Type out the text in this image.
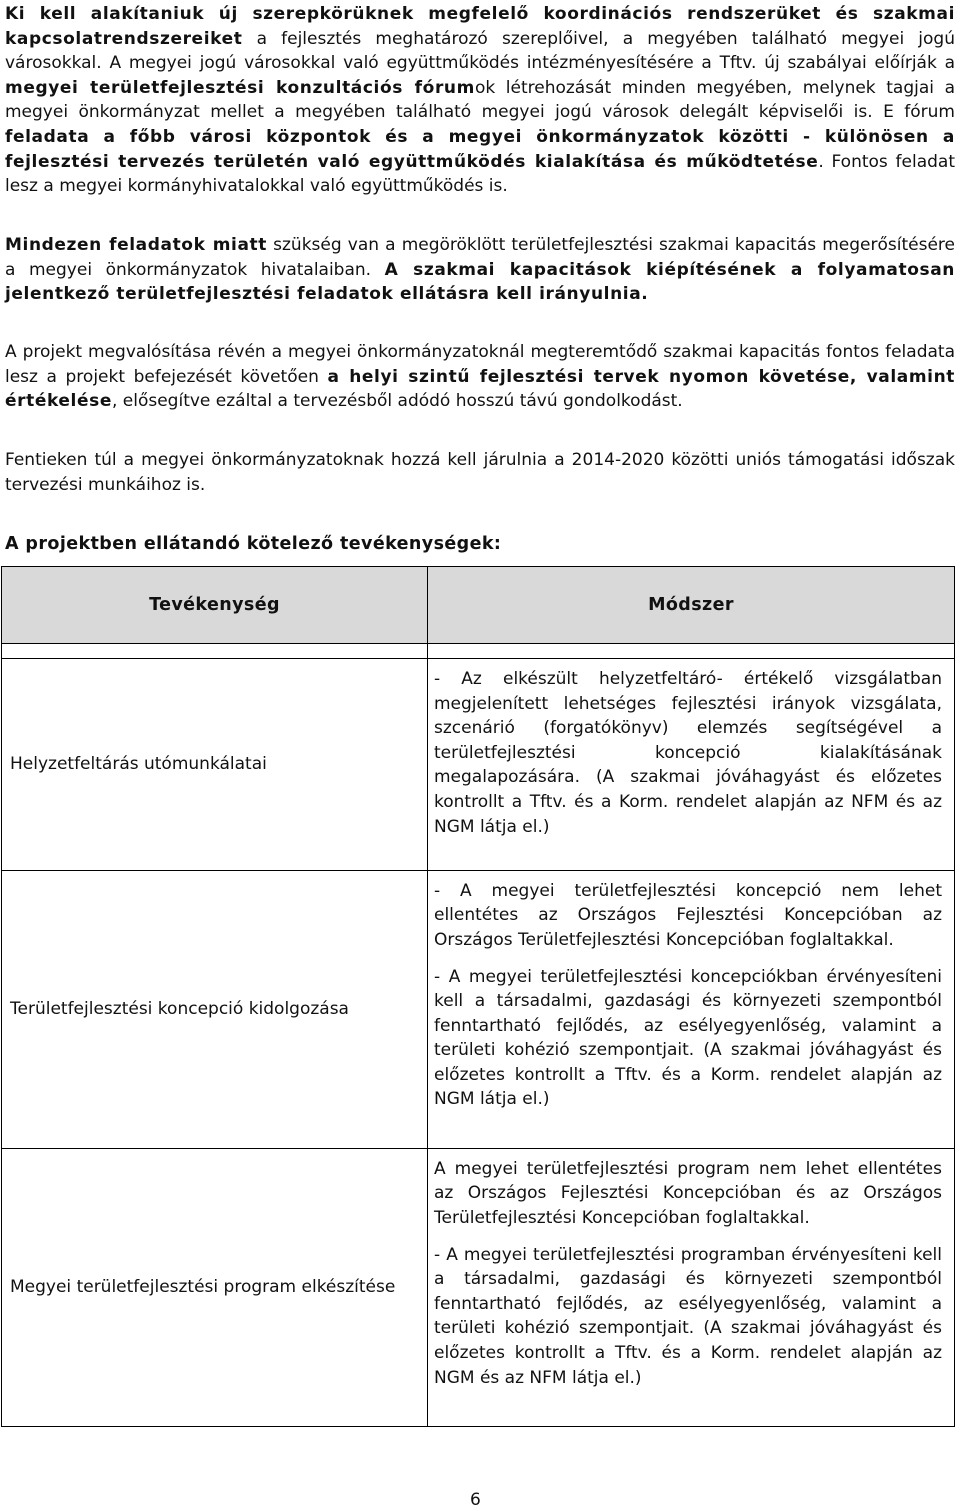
Ki kell alakítaniuk új szerepkörüknek megfelelő koordinációs rendszerüket és szakmai kapcsolatrendszereiket a fejlesztés meghatározó szereplőivel, a megyében található megyei jogú városokkal. A megyei jogú városokkal való együttműködés intézményesítésére a Tftv. új szabályai előírják a megyei területfejlesztési konzultációs fórumok létrehozását minden megyében, melynek tagjai a megyei önkormányzat mellet a megyében található megyei jogú városok delegált képviselői is. E fórum feladata a főbb városi központok és a megyei önkormányzatok közötti - különösen a fejlesztési tervezés területén való együttműködés kialakítása és működtetése. Fontos feladat lesz a megyei kormányhivatalokkal való együttműködés is.

Mindezen feladatok miatt szükség van a megöröklött területfejlesztési szakmai kapacitás megerősítésére a megyei önkormányzatok hivatalaiban. A szakmai kapacitások kiépítésének a folyamatosan jelentkező területfejlesztési feladatok ellátásra kell irányulnia.

A projekt megvalósítása révén a megyei önkormányzatoknál megteremtődő szakmai kapacitás fontos feladata lesz a projekt befejezését követően a helyi szintű fejlesztési tervek nyomon követése, valamint értékelése, elősegítve ezáltal a tervezésből adódó hosszú távú gondolkodást.

Fentieken túl a megyei önkormányzatoknak hozzá kell járulnia a 2014-2020 közötti uniós támogatási időszak tervezési munkáihoz is.

A projektben ellátandó kötelező tevékenységek:
Tevékenység	Módszer

Helyzetfeltárás utómunkálatai	- Az elkészült helyzetfeltáró- értékelő vizsgálatban megjelenített lehetséges fejlesztési irányok vizsgálata, szcenárió (forgatókönyv) elemzés segítségével a területfejlesztési koncepció kialakításának megalapozására. (A szakmai jóváhagyást és előzetes kontrollt a Tftv. és a Korm. rendelet alapján az NFM és az NGM látja el.)

Területfejlesztési koncepció kidolgozása	- A megyei területfejlesztési koncepció nem lehet ellentétes az Országos Fejlesztési Koncepcióban az Országos Területfejlesztési Koncepcióban foglaltakkal.

- A megyei területfejlesztési koncepciókban érvényesíteni kell a társadalmi, gazdasági és környezeti szempontból fenntartható fejlődés, az esélyegyenlőség, valamint a területi kohézió szempontjait. (A szakmai jóváhagyást és előzetes kontrollt a Tftv. és a Korm. rendelet alapján az NGM látja el.)

Megyei területfejlesztési program elkészítése	A megyei területfejlesztési program nem lehet ellentétes az Országos Fejlesztési Koncepcióban és az Országos Területfejlesztési Koncepcióban foglaltakkal.

- A megyei területfejlesztési programban érvényesíteni kell a társadalmi, gazdasági és környezeti szempontból fenntartható fejlődés, az esélyegyenlőség, valamint a területi kohézió szempontjait. (A szakmai jóváhagyást és előzetes kontrollt a Tftv. és a Korm. rendelet alapján az NGM és az NFM látja el.)

6
